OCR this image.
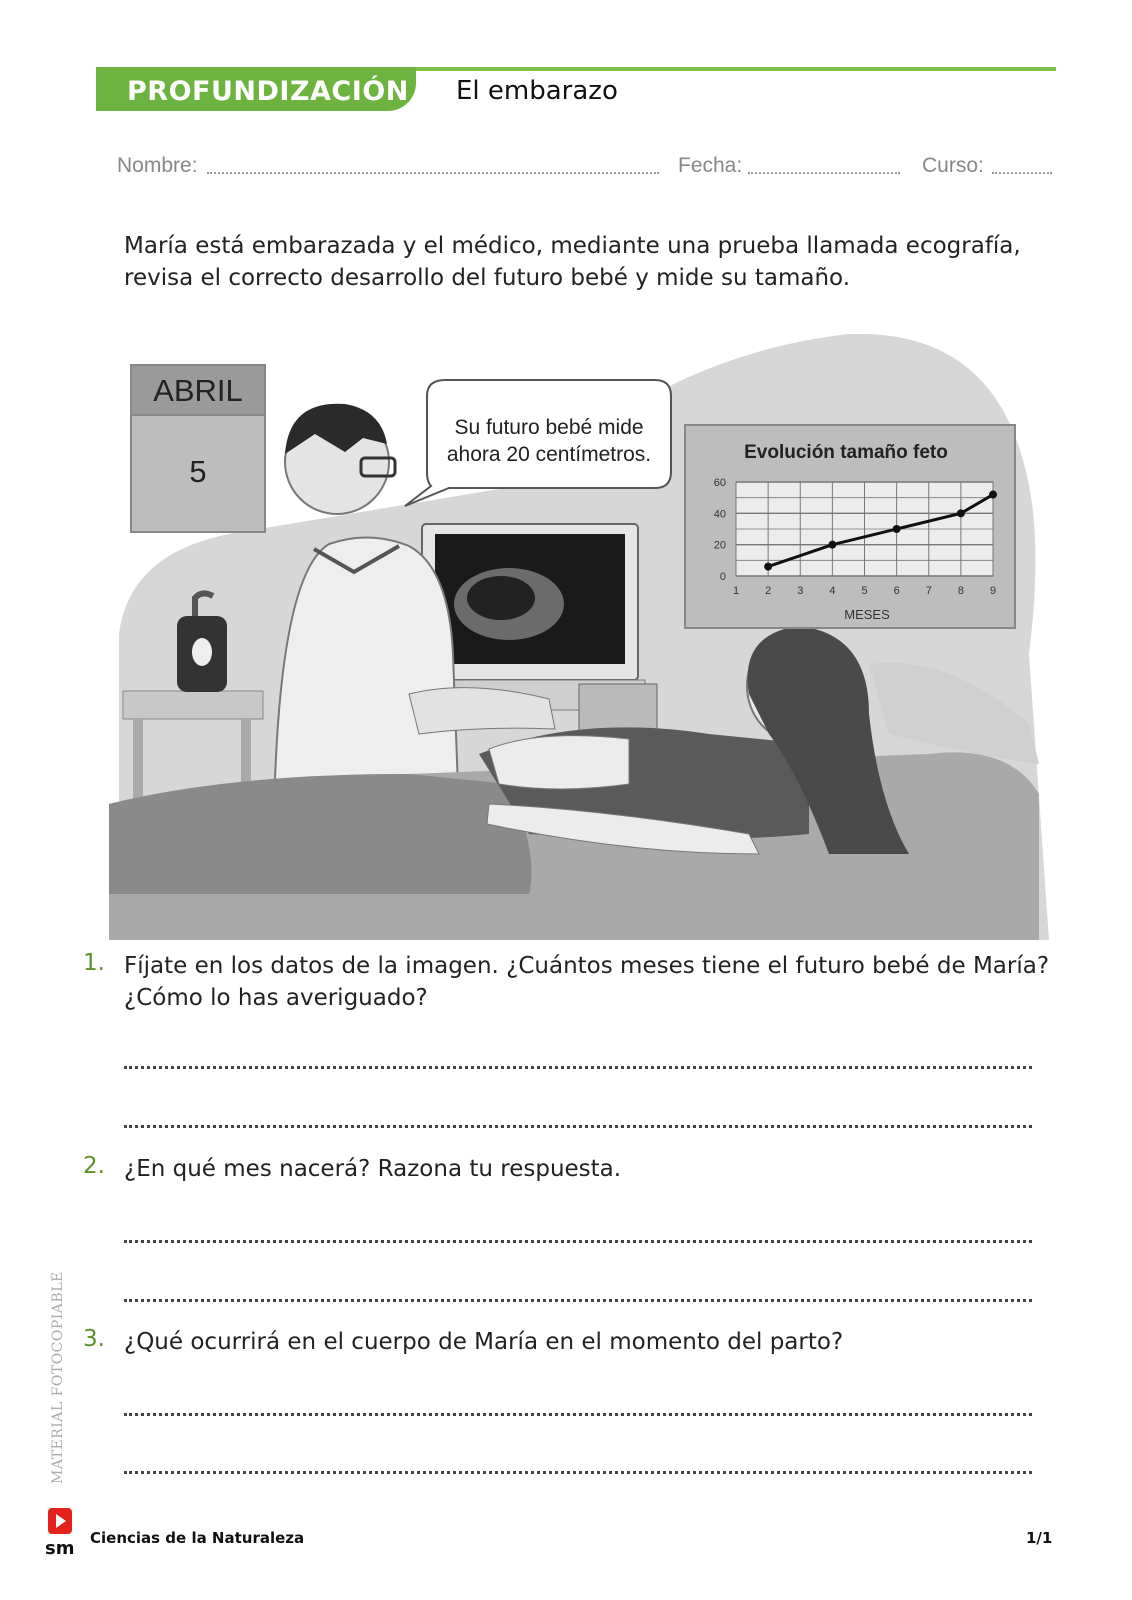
PROFUNDIZACIÓN El embarazo
Nombre:	Fecha:	Curso:
María está embarazada y el médico, mediante una prueba llamada ecografía, revisa el correcto desarrollo del futuro bebé y mide su tamaño.
ABRIL
5
Su futuro bebé mide
ahora 20 centímetros.	Evolución tamaño feto
1 2 3 4 5 6 7 8 9
0
20
40
60
MESES
1. Fíjate en los datos de la imagen. ¿Cuántos meses tiene el futuro bebé de María?
¿Cómo lo has averiguado?
2. ¿En qué mes nacerá? Razona tu respuesta.
3. ¿Qué ocurrirá en el cuerpo de María en el momento del parto?
MATERIAL FOTOCOPIABLE
sm Ciencias de la Naturaleza	1/1
